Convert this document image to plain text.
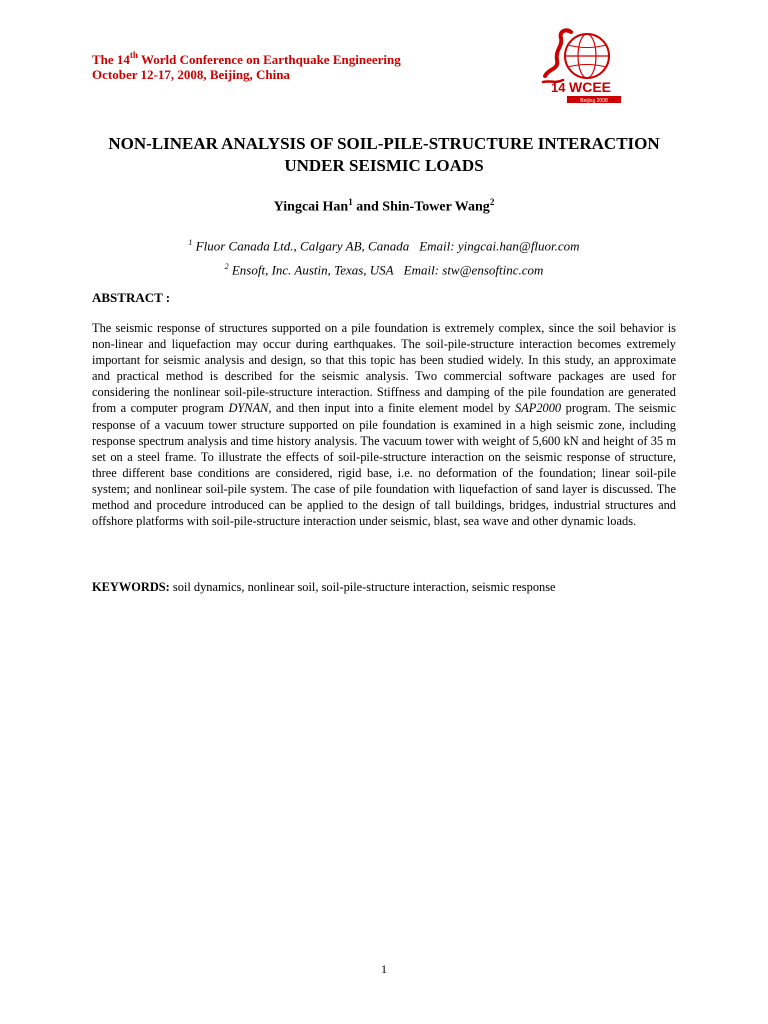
The 14th World Conference on Earthquake Engineering
October 12-17, 2008, Beijing, China
14 WCEE
Beijing 2008
NON-LINEAR ANALYSIS OF SOIL-PILE-STRUCTURE INTERACTION
UNDER SEISMIC LOADS
Yingcai Han$^1$ and Shin-Tower Wang$^2$
$^1$ Fluor Canada Ltd., Calgary AB, Canada Email: yingcai.han@fluor.com
$^2$ Ensoft, Inc. Austin, Texas, USA Email: stw@ensoftinc.com
ABSTRACT :
The seismic response of structures supported on a pile foundation is extremely complex, since the soil behavior is non-linear and liquefaction may occur during earthquakes. The soil-pile-structure interaction becomes extremely important for seismic analysis and design, so that this topic has been studied widely. In this study, an approximate and practical method is described for the seismic analysis. Two commercial software packages are used for considering the nonlinear soil-pile-structure interaction. Stiffness and damping of the pile foundation are generated from a computer program DYNAN, and then input into a finite element model by SAP2000 program. The seismic response of a vacuum tower structure supported on pile foundation is examined in a high seismic zone, including response spectrum analysis and time history analysis. The vacuum tower with weight of 5,600 kN and height of 35 m set on a steel frame. To illustrate the effects of soil-pile-structure interaction on the seismic response of structure, three different base conditions are considered, rigid base, i.e. no deformation of the foundation; linear soil-pile system; and nonlinear soil-pile system. The case of pile foundation with liquefaction of sand layer is discussed. The method and procedure introduced can be applied to the design of tall buildings, bridges, industrial structures and offshore platforms with soil-pile-structure interaction under seismic, blast, sea wave and other dynamic loads.
KEYWORDS: soil dynamics, nonlinear soil, soil-pile-structure interaction, seismic response
1
